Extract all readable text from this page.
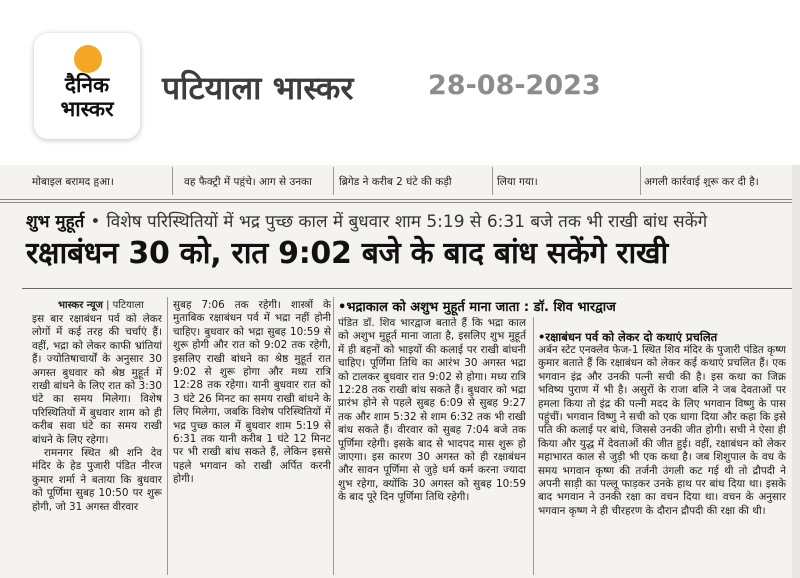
दैनिक
भास्कर
पटियाला भास्कर	28-08-2023
मोबाइल बरामद हुआ।	वह फैक्ट्री में पहुंचे। आग से उनका	ब्रिगेड ने करीब 2 घंटे की कड़ी	लिया गया।	अगली कार्रवाई शुरू कर दी है।
शुभ मुहूर्त • विशेष परिस्थितियों में भद्र पुच्छ काल में बुधवार शाम 5:19 से 6:31 बजे तक भी राखी बांध सकेंगे
रक्षाबंधन 30 को, रात 9:02 बजे के बाद बांध सकेंगे राखी
भास्कर न्यूज | पटियाला

इस बार रक्षाबंधन पर्व को लेकर लोगों में कई तरह की चर्चाएं हैं। वहीं, भद्रा को लेकर काफी भ्रांतियां हैं। ज्योतिषाचार्यों के अनुसार 30 अगस्त बुधवार को श्रेष्ठ मुहूर्त में राखी बांधने के लिए रात को 3:30 घंटे का समय मिलेगा। विशेष परिस्थितियों में बुधवार शाम को ही करीब सवा घंटे का समय राखी बांधने के लिए रहेगा।

रामनगर स्थित श्री शनि देव मंदिर के हेड पुजारी पंडित नीरज कुमार शर्मा ने बताया कि बुधवार को पूर्णिमा सुबह 10:50 पर शुरू होगी, जो 31 अगस्त वीरवार

सुबह 7:06 तक रहेगी। शास्त्रों के मुताबिक रक्षाबंधन पर्व में भद्रा नहीं होनी चाहिए। बुधवार को भद्रा सुबह 10:59 से शुरू होगी और रात को 9:02 तक रहेगी, इसलिए राखी बांधने का श्रेष्ठ मुहूर्त रात 9:02 से शुरू होगा और मध्य रात्रि 12:28 तक रहेगा। यानी बुधवार रात को 3 घंटे 26 मिनट का समय राखी बांधने के लिए मिलेगा, जबकि विशेष परिस्थितियों में भद्र पुच्छ काल में बुधवार शाम 5:19 से 6:31 तक यानी करीब 1 घंटे 12 मिनट पर भी राखी बांध सकते हैं, लेकिन इससे पहले भगवान को राखी अर्पित करनी होगी।

•भद्राकाल को अशुभ मुहूर्त माना जाता : डॉ. शिव भारद्वाज

पंडित डॉ. शिव भारद्वाज बताते हैं कि भद्रा काल को अशुभ मुहूर्त माना जाता है, इसलिए शुभ मुहूर्त में ही बहनों को भाइयों की कलाई पर राखी बांधनी चाहिए। पूर्णिमा तिथि का आरंभ 30 अगस्त भद्रा को टालकर बुधवार रात 9:02 से होगा। मध्य रात्रि 12:28 तक राखी बांध सकते हैं। बुधवार को भद्रा प्रारंभ होने से पहले सुबह 6:09 से सुबह 9:27 तक और शाम 5:32 से शाम 6:32 तक भी राखी बांध सकते हैं। वीरवार को सुबह 7:04 बजे तक पूर्णिमा रहेगी। इसके बाद से भादपद मास शुरू हो जाएगा। इस कारण 30 अगस्त को ही रक्षाबंधन और सावन पूर्णिमा से जुड़े धर्म कर्म करना ज्यादा शुभ रहेगा, क्योंकि 30 अगस्त को सुबह 10:59 के बाद पूरे दिन पूर्णिमा तिथि रहेगी।

•रक्षाबंधन पर्व को लेकर दो कथाएं प्रचलित

अर्बन स्टेट एनक्लेव फेज-1 स्थित शिव मंदिर के पुजारी पंडित कृष्ण कुमार बताते हैं कि रक्षाबंधन को लेकर कई कथाएं प्रचलित हैं। एक भगवान इंद्र और उनकी पत्नी सची की है। इस कथा का जिक्र भविष्य पुराण में भी है। असुरों के राजा बलि ने जब देवताओं पर हमला किया तो इंद्र की पत्नी मदद के लिए भगवान विष्णु के पास पहुंचीं। भगवान विष्णु ने सची को एक धागा दिया और कहा कि इसे पति की कलाई पर बांधे, जिससे उनकी जीत होगी। सची ने ऐसा ही किया और युद्ध में देवताओं की जीत हुई। वहीं, रक्षाबंधन को लेकर महाभारत काल से जुड़ी भी एक कथा है। जब शिशुपाल के वध के समय भगवान कृष्ण की तर्जनी उंगली कट गई थी तो द्रौपदी ने अपनी साड़ी का पल्लू फाड़कर उनके हाथ पर बांध दिया था। इसके बाद भगवान ने उनकी रक्षा का वचन दिया था। वचन के अनुसार भगवान कृष्ण ने ही चीरहरण के दौरान द्रौपदी की रक्षा की थी।
